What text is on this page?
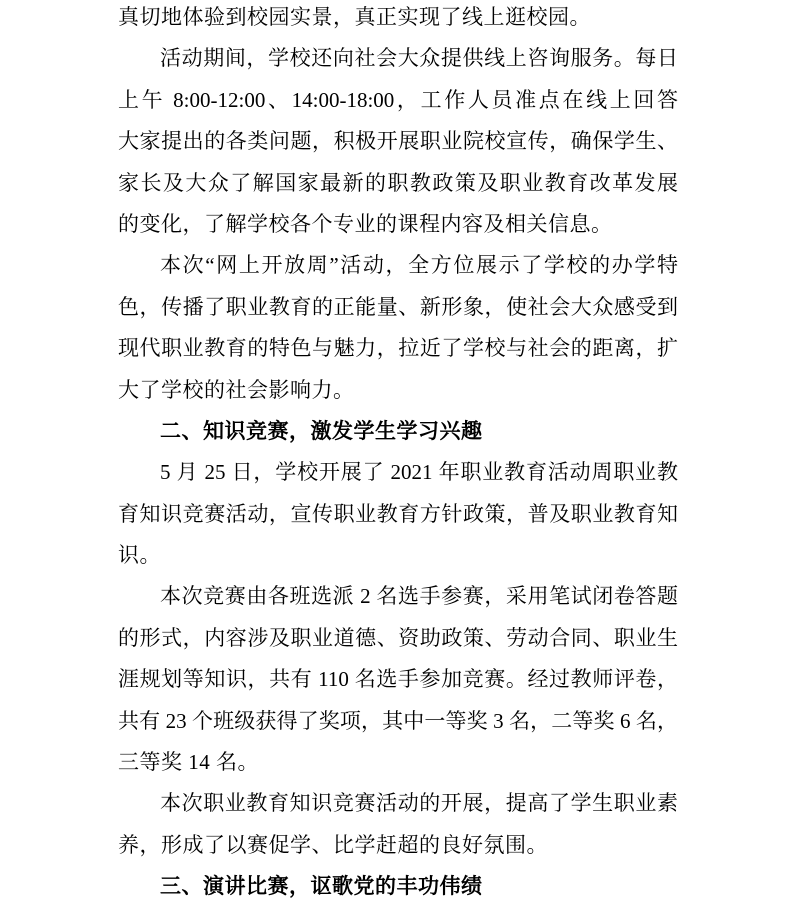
真切地体验到校园实景，真正实现了线上逛校园。
活动期间，学校还向社会大众提供线上咨询服务。每日
上午 8:00-12:00、14:00-18:00，工作人员准点在线上回答
大家提出的各类问题，积极开展职业院校宣传，确保学生、
家长及大众了解国家最新的职教政策及职业教育改革发展
的变化，了解学校各个专业的课程内容及相关信息。
本次“网上开放周”活动，全方位展示了学校的办学特
色，传播了职业教育的正能量、新形象，使社会大众感受到
现代职业教育的特色与魅力，拉近了学校与社会的距离，扩
大了学校的社会影响力。
二、知识竞赛，激发学生学习兴趣
5 月 25 日，学校开展了 2021 年职业教育活动周职业教
育知识竞赛活动，宣传职业教育方针政策，普及职业教育知
识。
本次竞赛由各班选派 2 名选手参赛，采用笔试闭卷答题
的形式，内容涉及职业道德、资助政策、劳动合同、职业生
涯规划等知识，共有 110 名选手参加竞赛。经过教师评卷，
共有 23 个班级获得了奖项，其中一等奖 3 名，二等奖 6 名，
三等奖 14 名。
本次职业教育知识竞赛活动的开展，提高了学生职业素
养，形成了以赛促学、比学赶超的良好氛围。
三、演讲比赛，讴歌党的丰功伟绩
